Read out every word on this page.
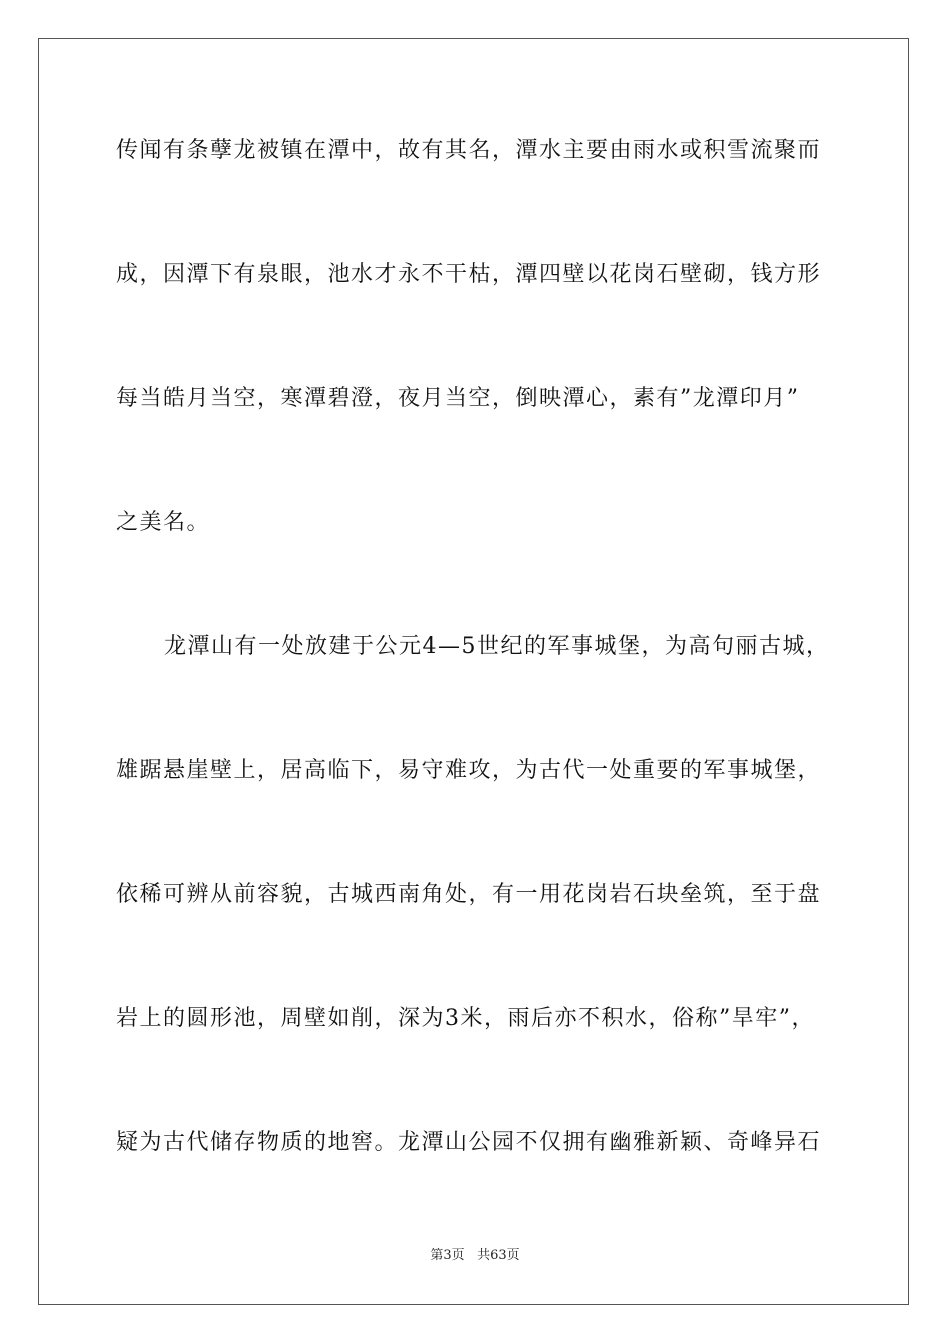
传闻有条孽龙被镇在潭中，故有其名，潭水主要由雨水或积雪流聚而
成，因潭下有泉眼，池水才永不干枯，潭四壁以花岗石壁砌，钱方形
每当皓月当空，寒潭碧澄，夜月当空，倒映潭心，素有”龙潭印月”
之美名。
龙潭山有一处放建于公元4—5世纪的军事城堡，为高句丽古城，
雄踞悬崖壁上，居高临下，易守难攻，为古代一处重要的军事城堡，
依稀可辨从前容貌，古城西南角处，有一用花岗岩石块垒筑，至于盘
岩上的圆形池，周壁如削，深为3米，雨后亦不积水，俗称”旱牢”，
疑为古代储存物质的地窖。龙潭山公园不仅拥有幽雅新颖、奇峰异石
第3页 共63页
